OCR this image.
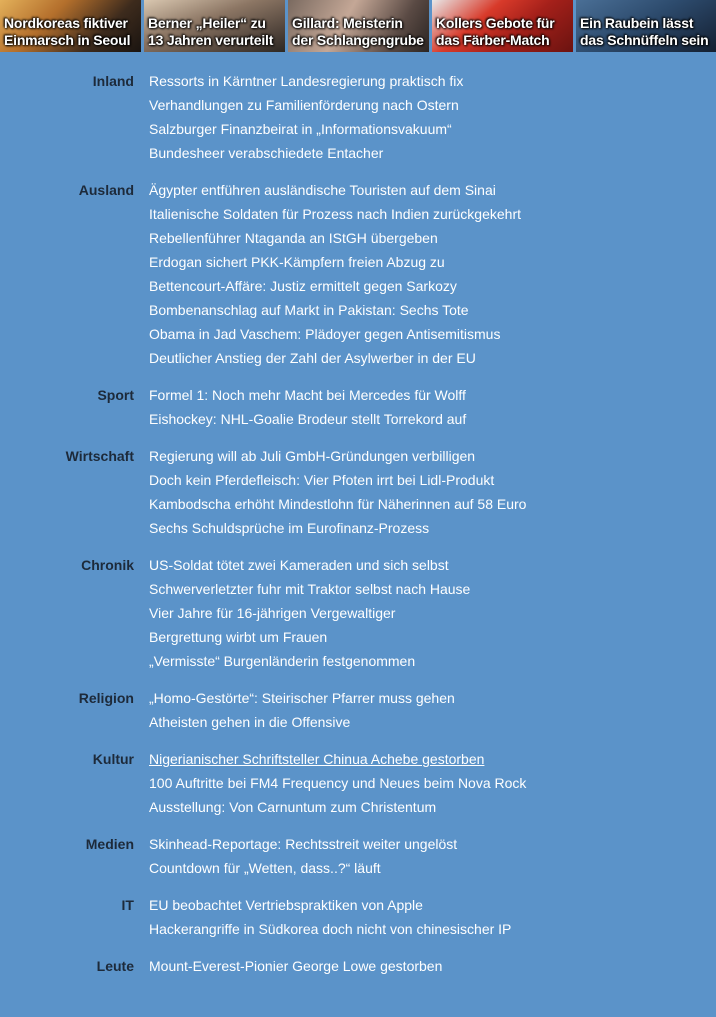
Nordkoreas fiktiver
Einmarsch in Seoul
Berner „Heiler“ zu
13 Jahren verurteilt
Gillard: Meisterin
der Schlangengrube
Kollers Gebote für
das Färber-Match
Ein Raubein lässt
das Schnüffeln sein
Inland Ressorts in Kärntner Landesregierung praktisch fix
Verhandlungen zu Familienförderung nach Ostern
Salzburger Finanzbeirat in „Informationsvakuum“
Bundesheer verabschiedete Entacher
Ausland Ägypter entführen ausländische Touristen auf dem Sinai
Italienische Soldaten für Prozess nach Indien zurückgekehrt
Rebellenführer Ntaganda an IStGH übergeben
Erdogan sichert PKK-Kämpfern freien Abzug zu
Bettencourt-Affäre: Justiz ermittelt gegen Sarkozy
Bombenanschlag auf Markt in Pakistan: Sechs Tote
Obama in Jad Vaschem: Plädoyer gegen Antisemitismus
Deutlicher Anstieg der Zahl der Asylwerber in der EU
Sport Formel 1: Noch mehr Macht bei Mercedes für Wolff
Eishockey: NHL-Goalie Brodeur stellt Torrekord auf
Wirtschaft Regierung will ab Juli GmbH-Gründungen verbilligen
Doch kein Pferdefleisch: Vier Pfoten irrt bei Lidl-Produkt
Kambodscha erhöht Mindestlohn für Näherinnen auf 58 Euro
Sechs Schuldsprüche im Eurofinanz-Prozess
Chronik US-Soldat tötet zwei Kameraden und sich selbst
Schwerverletzter fuhr mit Traktor selbst nach Hause
Vier Jahre für 16-jährigen Vergewaltiger
Bergrettung wirbt um Frauen
„Vermisste“ Burgenländerin festgenommen
Religion „Homo-Gestörte“: Steirischer Pfarrer muss gehen
Atheisten gehen in die Offensive
Kultur Nigerianischer Schriftsteller Chinua Achebe gestorben
100 Auftritte bei FM4 Frequency und Neues beim Nova Rock
Ausstellung: Von Carnuntum zum Christentum
Medien Skinhead-Reportage: Rechtsstreit weiter ungelöst
Countdown für „Wetten, dass..?“ läuft
IT EU beobachtet Vertriebspraktiken von Apple
Hackerangriffe in Südkorea doch nicht von chinesischer IP
Leute Mount-Everest-Pionier George Lowe gestorben
